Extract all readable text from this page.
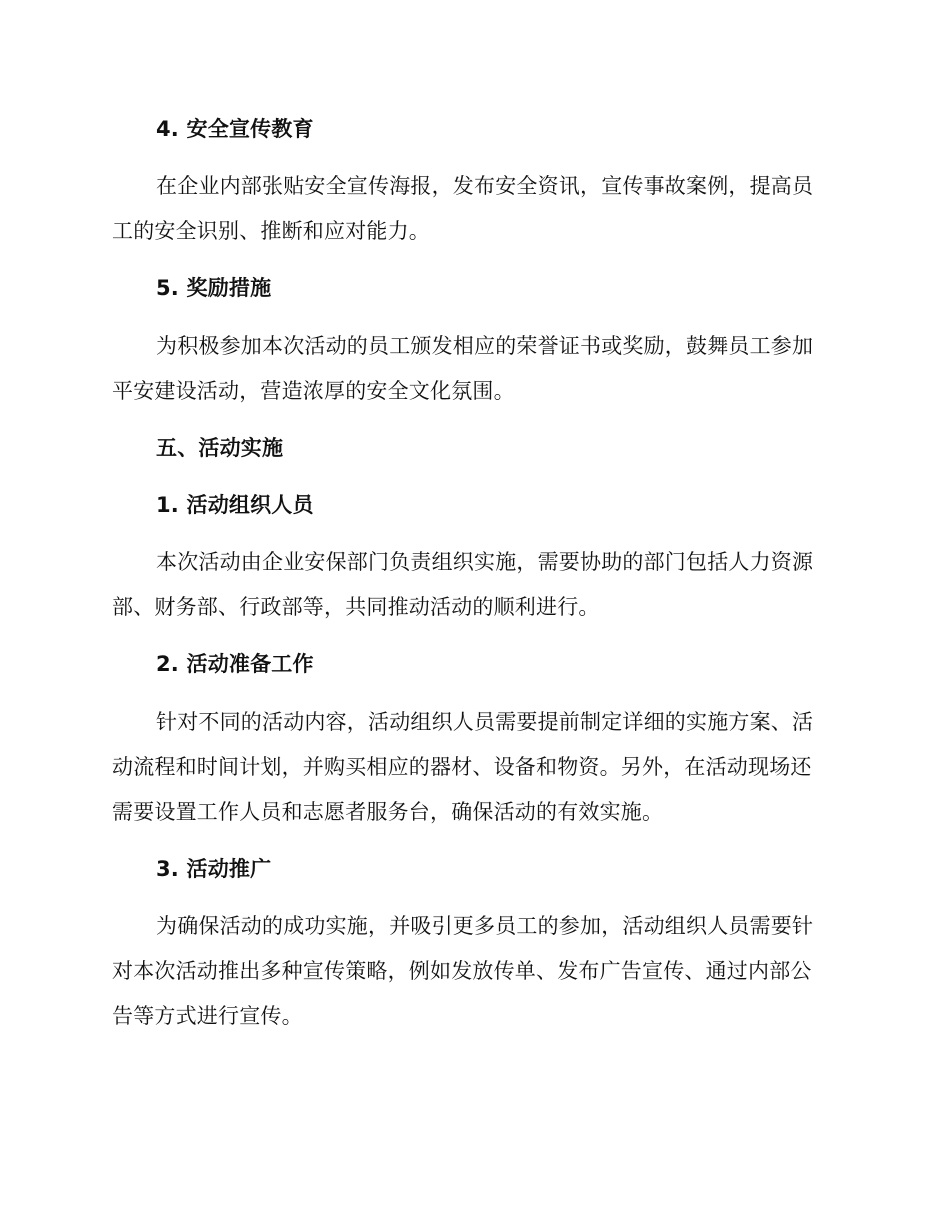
4. 安全宣传教育
在企业内部张贴安全宣传海报，发布安全资讯，宣传事故案例，提高员
工的安全识别、推断和应对能力。
5. 奖励措施
为积极参加本次活动的员工颁发相应的荣誉证书或奖励，鼓舞员工参加
平安建设活动，营造浓厚的安全文化氛围。
五、活动实施
1. 活动组织人员
本次活动由企业安保部门负责组织实施，需要协助的部门包括人力资源
部、财务部、行政部等，共同推动活动的顺利进行。
2. 活动准备工作
针对不同的活动内容，活动组织人员需要提前制定详细的实施方案、活
动流程和时间计划，并购买相应的器材、设备和物资。另外，在活动现场还
需要设置工作人员和志愿者服务台，确保活动的有效实施。
3. 活动推广
为确保活动的成功实施，并吸引更多员工的参加，活动组织人员需要针
对本次活动推出多种宣传策略，例如发放传单、发布广告宣传、通过内部公
告等方式进行宣传。
